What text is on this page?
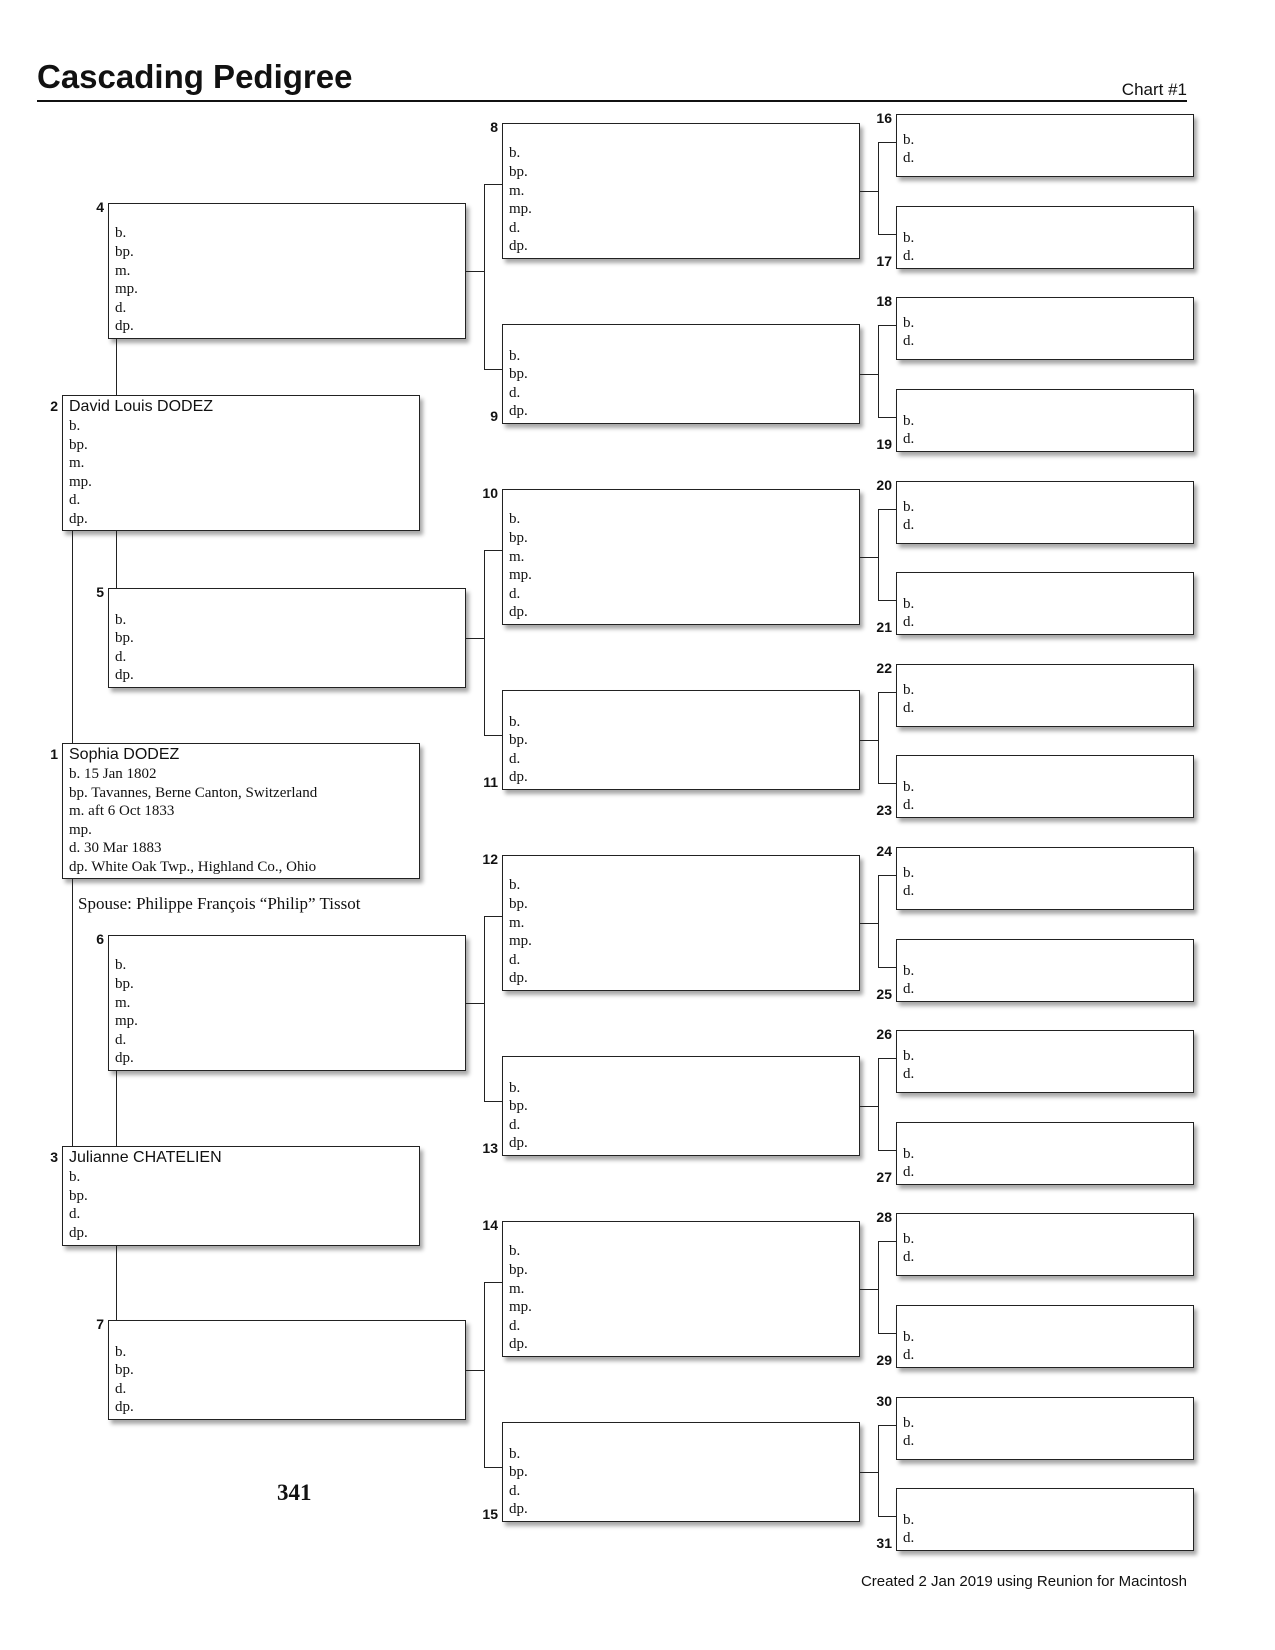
Cascading Pedigree	Chart #1
Sophia DODEZ
b. 15 Jan 1802
bp. Tavannes, Berne Canton, Switzerland
m. aft 6 Oct 1833
mp.
d. 30 Mar 1883
dp. White Oak Twp., Highland Co., Ohio
1
David Louis DODEZ
b.
bp.
m.
mp.
d.
dp.
2
Julianne CHATELIEN
b.
bp.
d.
dp.
3
b.
bp.
m.
mp.
d.
dp.
4
b.
bp.
d.
dp.
5
b.
bp.
m.
mp.
d.
dp.
6
b.
bp.
d.
dp.
7
b.
bp.
m.
mp.
d.
dp.
8
b.
bp.
d.
dp.
9
b.
bp.
m.
mp.
d.
dp.
10
b.
bp.
d.
dp.
11
b.
bp.
m.
mp.
d.
dp.
12
b.
bp.
d.
dp.
13
b.
bp.
m.
mp.
d.
dp.
14
b.
bp.
d.
dp.
15
b.
d.
16
b.
d.
17
b.
d.
18
b.
d.
19
b.
d.
20
b.
d.
21
b.
d.
22
b.
d.
23
b.
d.
24
b.
d.
25
b.
d.
26
b.
d.
27
b.
d.
28
b.
d.
29
b.
d.
30
b.
d.
31
Spouse: Philippe François “Philip” Tissot
341
Created 2 Jan 2019 using Reunion for Macintosh
